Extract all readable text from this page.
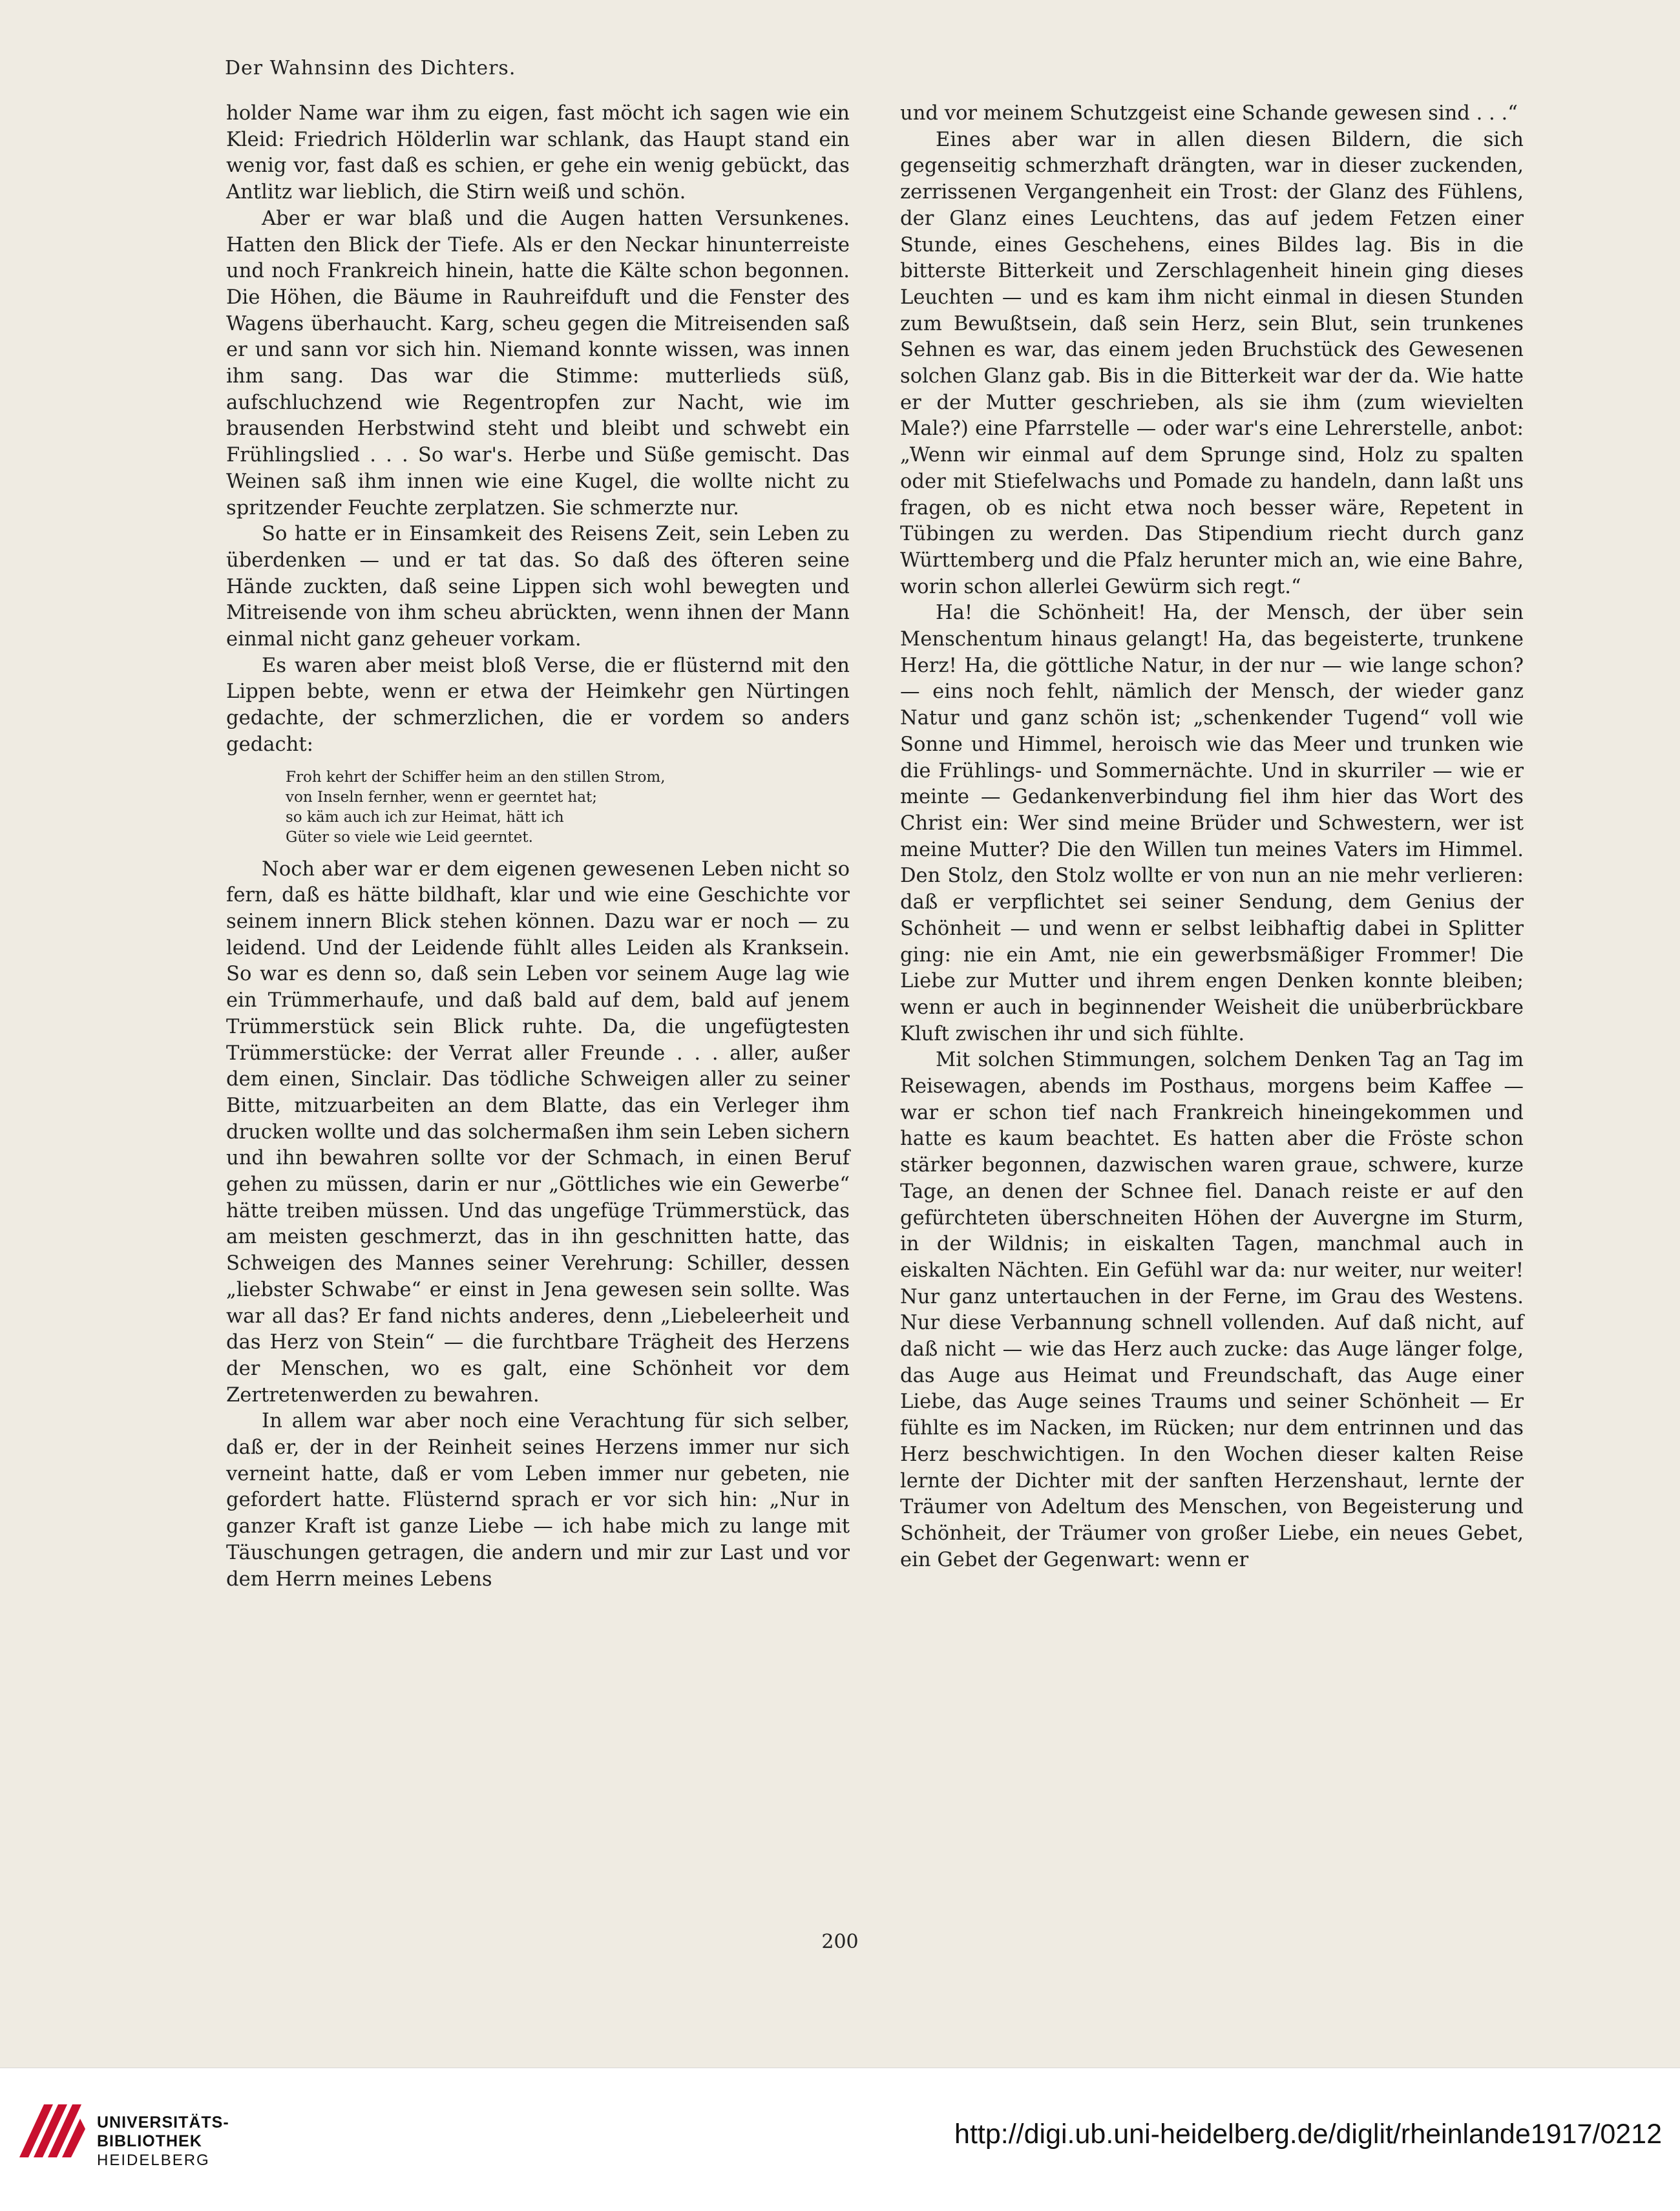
Der Wahnsinn des Dichters.

holder Name war ihm zu eigen, fast möcht ich sagen wie ein Kleid: Friedrich Hölderlin war schlank, das Haupt stand ein wenig vor, fast daß es schien, er gehe ein wenig gebückt, das Antlitz war lieblich, die Stirn weiß und schön.

Aber er war blaß und die Augen hatten Versunkenes. Hatten den Blick der Tiefe. Als er den Neckar hinunterreiste und noch Frankreich hinein, hatte die Kälte schon begonnen. Die Höhen, die Bäume in Rauhreifduft und die Fenster des Wagens überhaucht. Karg, scheu gegen die Mitreisenden saß er und sann vor sich hin. Niemand konnte wissen, was innen ihm sang. Das war die Stimme: mutterlieds süß, aufschluchzend wie Regentropfen zur Nacht, wie im brausenden Herbstwind steht und bleibt und schwebt ein Frühlingslied . . . So war's. Herbe und Süße gemischt. Das Weinen saß ihm innen wie eine Kugel, die wollte nicht zu spritzender Feuchte zerplatzen. Sie schmerzte nur.

So hatte er in Einsamkeit des Reisens Zeit, sein Leben zu überdenken — und er tat das. So daß des öfteren seine Hände zuckten, daß seine Lippen sich wohl bewegten und Mitreisende von ihm scheu abrückten, wenn ihnen der Mann einmal nicht ganz geheuer vorkam.

Es waren aber meist bloß Verse, die er flüsternd mit den Lippen bebte, wenn er etwa der Heimkehr gen Nürtingen gedachte, der schmerzlichen, die er vordem so anders gedacht:

Froh kehrt der Schiffer heim an den stillen Strom,
von Inseln fernher, wenn er geerntet hat;
so käm auch ich zur Heimat, hätt ich
Güter so viele wie Leid geerntet.

Noch aber war er dem eigenen gewesenen Leben nicht so fern, daß es hätte bildhaft, klar und wie eine Geschichte vor seinem innern Blick stehen können. Dazu war er noch — zu leidend. Und der Leidende fühlt alles Leiden als Kranksein. So war es denn so, daß sein Leben vor seinem Auge lag wie ein Trümmerhaufe, und daß bald auf dem, bald auf jenem Trümmerstück sein Blick ruhte. Da, die ungefügtesten Trümmerstücke: der Verrat aller Freunde . . . aller, außer dem einen, Sinclair. Das tödliche Schweigen aller zu seiner Bitte, mitzuarbeiten an dem Blatte, das ein Verleger ihm drucken wollte und das solchermaßen ihm sein Leben sichern und ihn bewahren sollte vor der Schmach, in einen Beruf gehen zu müssen, darin er nur „Göttliches wie ein Gewerbe“ hätte treiben müssen. Und das ungefüge Trümmerstück, das am meisten geschmerzt, das in ihn geschnitten hatte, das Schweigen des Mannes seiner Verehrung: Schiller, dessen „liebster Schwabe“ er einst in Jena gewesen sein sollte. Was war all das? Er fand nichts anderes, denn „Liebeleerheit und das Herz von Stein“ — die furchtbare Trägheit des Herzens der Menschen, wo es galt, eine Schönheit vor dem Zertretenwerden zu bewahren.

In allem war aber noch eine Verachtung für sich selber, daß er, der in der Reinheit seines Herzens immer nur sich verneint hatte, daß er vom Leben immer nur gebeten, nie gefordert hatte. Flüsternd sprach er vor sich hin: „Nur in ganzer Kraft ist ganze Liebe — ich habe mich zu lange mit Täuschungen getragen, die andern und mir zur Last und vor dem Herrn meines Lebens

und vor meinem Schutzgeist eine Schande gewesen sind . . .“

Eines aber war in allen diesen Bildern, die sich gegenseitig schmerzhaft drängten, war in dieser zuckenden, zerrissenen Vergangenheit ein Trost: der Glanz des Fühlens, der Glanz eines Leuchtens, das auf jedem Fetzen einer Stunde, eines Geschehens, eines Bildes lag. Bis in die bitterste Bitterkeit und Zerschlagenheit hinein ging dieses Leuchten — und es kam ihm nicht einmal in diesen Stunden zum Bewußtsein, daß sein Herz, sein Blut, sein trunkenes Sehnen es war, das einem jeden Bruchstück des Gewesenen solchen Glanz gab. Bis in die Bitterkeit war der da. Wie hatte er der Mutter geschrieben, als sie ihm (zum wievielten Male?) eine Pfarrstelle — oder war's eine Lehrerstelle, anbot: „Wenn wir einmal auf dem Sprunge sind, Holz zu spalten oder mit Stiefelwachs und Pomade zu handeln, dann laßt uns fragen, ob es nicht etwa noch besser wäre, Repetent in Tübingen zu werden. Das Stipendium riecht durch ganz Württemberg und die Pfalz herunter mich an, wie eine Bahre, worin schon allerlei Gewürm sich regt.“

Ha! die Schönheit! Ha, der Mensch, der über sein Menschentum hinaus gelangt! Ha, das begeisterte, trunkene Herz! Ha, die göttliche Natur, in der nur — wie lange schon? — eins noch fehlt, nämlich der Mensch, der wieder ganz Natur und ganz schön ist; „schenkender Tugend“ voll wie Sonne und Himmel, heroisch wie das Meer und trunken wie die Frühlings- und Sommernächte. Und in skurriler — wie er meinte — Gedankenverbindung fiel ihm hier das Wort des Christ ein: Wer sind meine Brüder und Schwestern, wer ist meine Mutter? Die den Willen tun meines Vaters im Himmel. Den Stolz, den Stolz wollte er von nun an nie mehr verlieren: daß er verpflichtet sei seiner Sendung, dem Genius der Schönheit — und wenn er selbst leibhaftig dabei in Splitter ging: nie ein Amt, nie ein gewerbsmäßiger Frommer! Die Liebe zur Mutter und ihrem engen Denken konnte bleiben; wenn er auch in beginnender Weisheit die unüberbrückbare Kluft zwischen ihr und sich fühlte.

Mit solchen Stimmungen, solchem Denken Tag an Tag im Reisewagen, abends im Posthaus, morgens beim Kaffee — war er schon tief nach Frankreich hineingekommen und hatte es kaum beachtet. Es hatten aber die Fröste schon stärker begonnen, dazwischen waren graue, schwere, kurze Tage, an denen der Schnee fiel. Danach reiste er auf den gefürchteten überschneiten Höhen der Auvergne im Sturm, in der Wildnis; in eiskalten Tagen, manchmal auch in eiskalten Nächten. Ein Gefühl war da: nur weiter, nur weiter! Nur ganz untertauchen in der Ferne, im Grau des Westens. Nur diese Verbannung schnell vollenden. Auf daß nicht, auf daß nicht — wie das Herz auch zucke: das Auge länger folge, das Auge aus Heimat und Freundschaft, das Auge einer Liebe, das Auge seines Traums und seiner Schönheit — Er fühlte es im Nacken, im Rücken; nur dem entrinnen und das Herz beschwichtigen. In den Wochen dieser kalten Reise lernte der Dichter mit der sanften Herzenshaut, lernte der Träumer von Adeltum des Menschen, von Begeisterung und Schönheit, der Träumer von großer Liebe, ein neues Gebet, ein Gebet der Gegenwart: wenn er

200
UNIVERSITÄTS-
BIBLIOTHEK
HEIDELBERG
http://digi.ub.uni-heidelberg.de/diglit/rheinlande1917/0212
